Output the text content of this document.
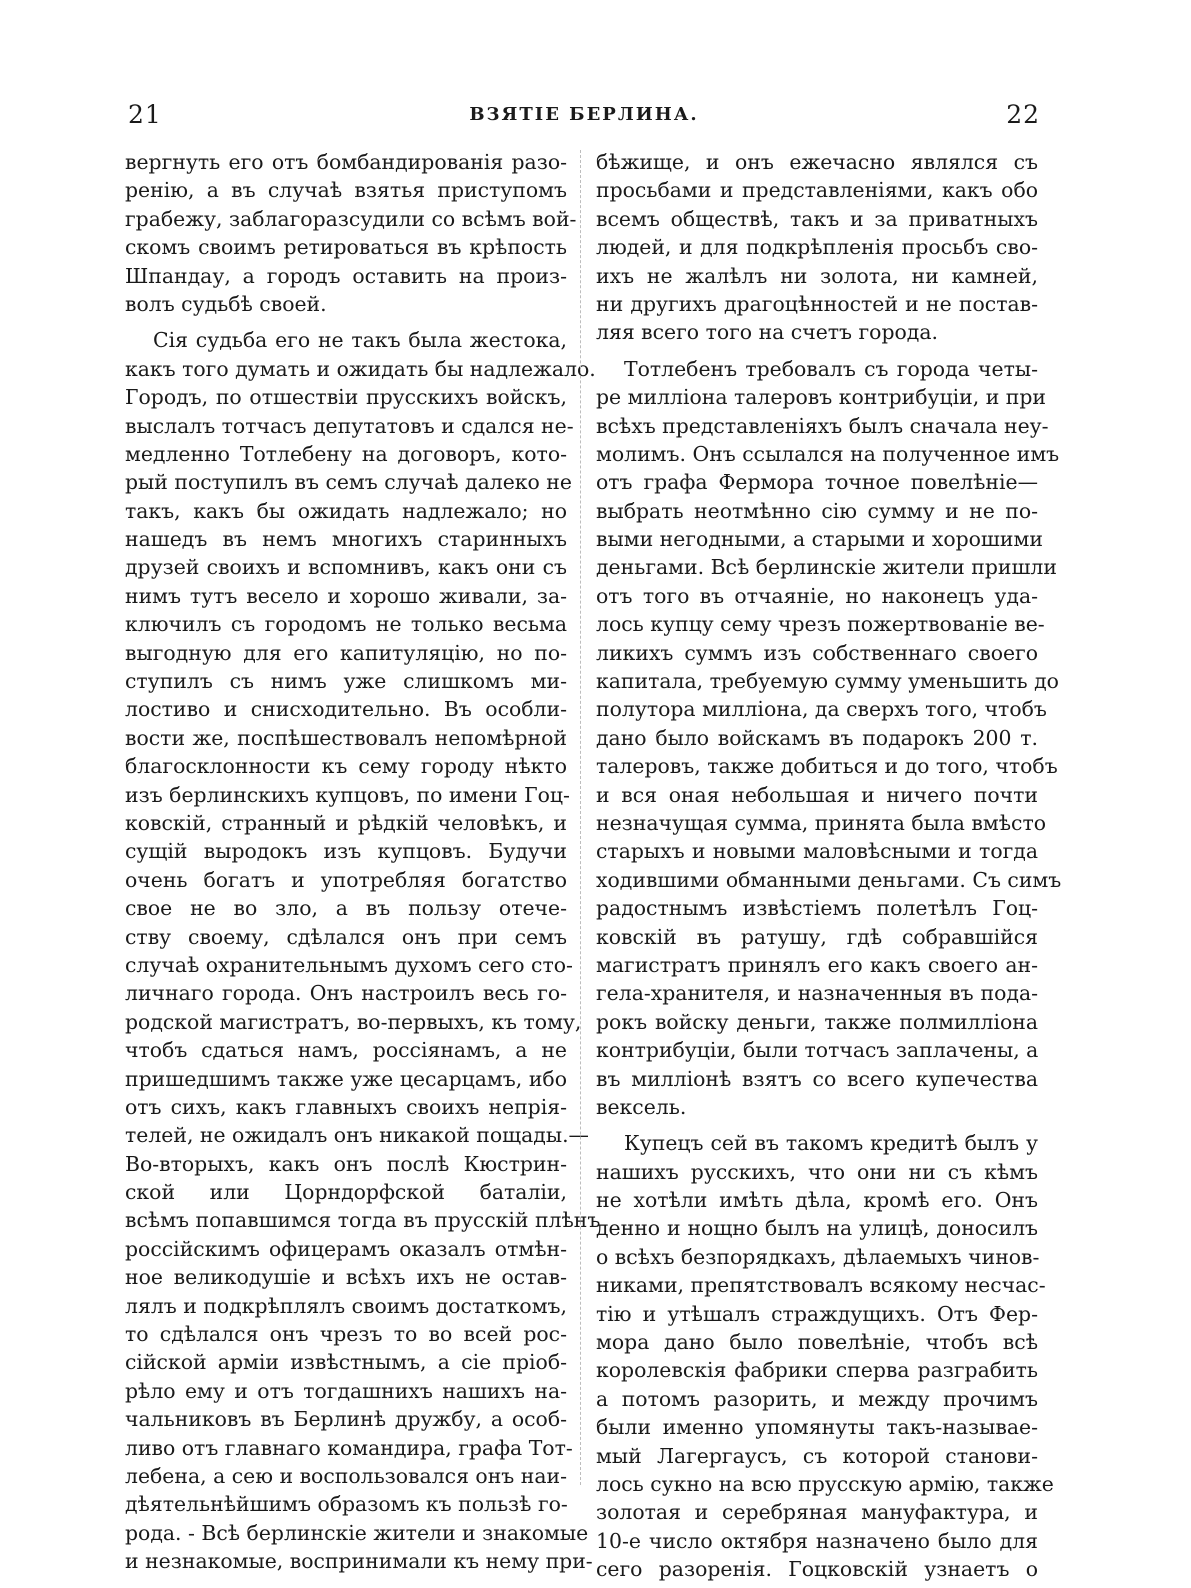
21	ВЗЯТІЕ БЕРЛИНА.	22
вергнуть его отъ бомбандированія разо-
ренію, а въ случаѣ взятья приступомъ
грабежу, заблагоразсудили со всѣмъ вой-
скомъ своимъ ретироваться въ крѣпость
Шпандау, а городъ оставить на произ-
волъ судьбѣ своей.
Сія судьба его не такъ была жестока,
какъ того думать и ожидать бы надлежало.
Городъ, по отшествіи прусскихъ войскъ,
выслалъ тотчасъ депутатовъ и сдался не-
медленно Тотлебену на договоръ, кото-
рый поступилъ въ семъ случаѣ далеко не
такъ, какъ бы ожидать надлежало; но
нашедъ въ немъ многихъ старинныхъ
друзей своихъ и вспомнивъ, какъ они съ
нимъ тутъ весело и хорошо живали, за-
ключилъ съ городомъ не только весьма
выгодную для его капитуляцію, но по-
ступилъ съ нимъ уже слишкомъ ми-
лостиво и снисходительно. Въ особли-
вости же, поспѣшествовалъ непомѣрной
благосклонности къ сему городу нѣкто
изъ берлинскихъ купцовъ, по имени Гоц-
ковскій, странный и рѣдкій человѣкъ, и
сущій выродокъ изъ купцовъ. Будучи
очень богатъ и употребляя богатство
свое не во зло, а въ пользу отече-
ству своему, сдѣлался онъ при семъ
случаѣ охранительнымъ духомъ сего сто-
личнаго города. Онъ настроилъ весь го-
родской магистратъ, во-первыхъ, къ тому,
чтобъ сдаться намъ, россіянамъ, а не
пришедшимъ также уже цесарцамъ, ибо
отъ сихъ, какъ главныхъ своихъ непрія-
телей, не ожидалъ онъ никакой пощады.—
Во-вторыхъ, какъ онъ послѣ Кюстрин-
ской или Цорндорфской баталіи,
всѣмъ попавшимся тогда въ прусскій плѣнъ
россійскимъ офицерамъ оказалъ отмѣн-
ное великодушіе и всѣхъ ихъ не остав-
лялъ и подкрѣплялъ своимъ достаткомъ,
то сдѣлался онъ чрезъ то во всей рос-
сійской арміи извѣстнымъ, а сіе пріоб-
рѣло ему и отъ тогдашнихъ нашихъ на-
чальниковъ въ Берлинѣ дружбу, а особ-
ливо отъ главнаго командира, графа Тот-
лебена, а сею и воспользовался онъ наи-
дѣятельнѣйшимъ образомъ къ пользѣ го-
рода. - Всѣ берлинскіе жители и знакомые
и незнакомые, воспринимали къ нему при-
бѣжище, и онъ ежечасно являлся съ
просьбами и представленіями, какъ обо
всемъ обществѣ, такъ и за приватныхъ
людей, и для подкрѣпленія просьбъ сво-
ихъ не жалѣлъ ни золота, ни камней,
ни другихъ драгоцѣнностей и не постав-
ляя всего того на счетъ города.
Тотлебенъ требовалъ съ города четы-
ре милліона талеровъ контрибуціи, и при
всѣхъ представленіяхъ былъ сначала неу-
молимъ. Онъ ссылался на полученное имъ
отъ графа Фермора точное повелѣніе—
выбрать неотмѣнно сію сумму и не по-
выми негодными, а старыми и хорошими
деньгами. Всѣ берлинскіе жители пришли
отъ того въ отчаяніе, но наконецъ уда-
лось купцу сему чрезъ пожертвованіе ве-
ликихъ суммъ изъ собственнаго своего
капитала, требуемую сумму уменьшить до
полутора милліона, да сверхъ того, чтобъ
дано было войскамъ въ подарокъ 200 т.
талеровъ, также добиться и до того, чтобъ
и вся оная небольшая и ничего почти
незначущая сумма, принята была вмѣсто
старыхъ и новыми маловѣсными и тогда
ходившими обманными деньгами. Съ симъ
радостнымъ извѣстіемъ полетѣлъ Гоц-
ковскій въ ратушу, гдѣ собравшійся
магистратъ принялъ его какъ своего ан-
гела-хранителя, и назначенныя въ пода-
рокъ войску деньги, также полмилліона
контрибуціи, были тотчасъ заплачены, а
въ милліонѣ взятъ со всего купечества
вексель.
Купецъ сей въ такомъ кредитѣ былъ у
нашихъ русскихъ, что они ни съ кѣмъ
не хотѣли имѣть дѣла, кромѣ его. Онъ
денно и нощно былъ на улицѣ, доносилъ
о всѣхъ безпорядкахъ, дѣлаемыхъ чинов-
никами, препятствовалъ всякому несчас-
тію и утѣшалъ страждущихъ. Отъ Фер-
мора дано было повелѣніе, чтобъ всѣ
королевскія фабрики сперва разграбить
а потомъ разорить, и между прочимъ
были именно упомянуты такъ-называе-
мый Лагергаусъ, съ которой станови-
лось сукно на всю прусскую армію, также
золотая и серебряная мануфактура, и
10-е число октября назначено было для
сего разоренія. Гоцковскій узнаетъ о
